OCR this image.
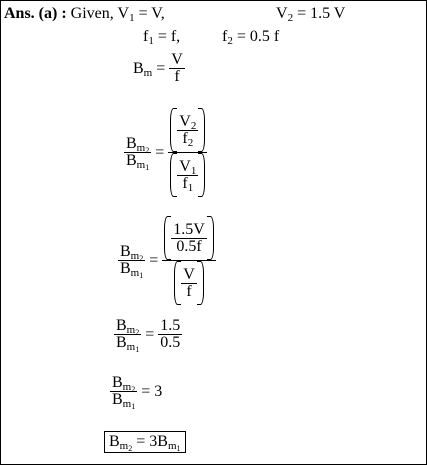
Ans. (a) : Given, $V_1 = V$,	$V_2 = 1.5$ V
$f_1 = f$,	$f_2 = 0.5$ f
$B_m = \frac{V}{f}$
$\frac{B_{m_2}}{B_{m_1}} = \frac{\frac{V_2}{f_2}}{\frac{V_1}{f_1}}$
$\frac{B_{m_2}}{B_{m_1}} = \frac{\frac{1.5V}{0.5f}}{\frac{V}{f}}$
$\frac{B_{m_2}}{B_{m_1}} = \frac{1.5}{0.5}$
$\frac{B_{m_2}}{B_{m_1}} = 3$
$B_{m_2} = 3B_{m_1}$
